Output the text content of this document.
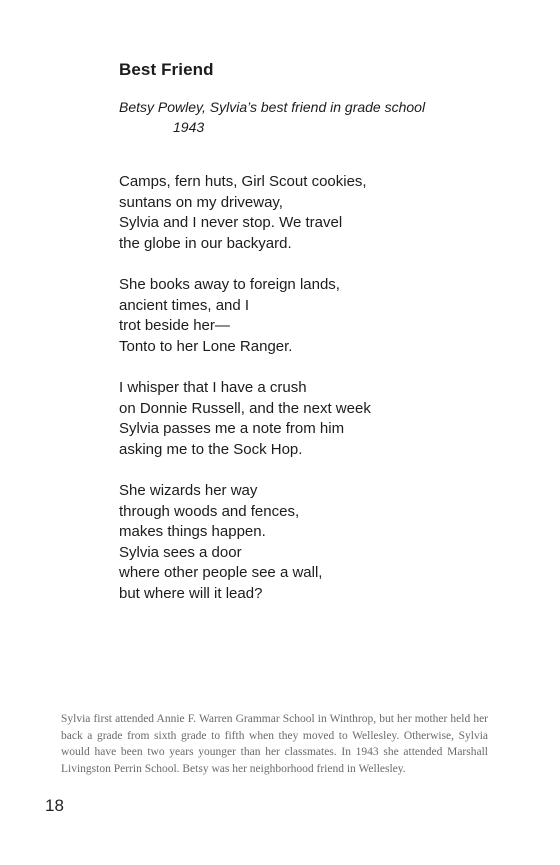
Best Friend

Betsy Powley, Sylvia’s best friend in grade school
1943

Camps, fern huts, Girl Scout cookies,
suntans on my driveway,
Sylvia and I never stop. We travel
the globe in our backyard.
She books away to foreign lands,
ancient times, and I
trot beside her—
Tonto to her Lone Ranger.
I whisper that I have a crush
on Donnie Russell, and the next week
Sylvia passes me a note from him
asking me to the Sock Hop.
She wizards her way
through woods and fences,
makes things happen.
Sylvia sees a door
where other people see a wall,
but where will it lead?

Sylvia first attended Annie F. Warren Grammar School in Winthrop, but her mother held her back a grade from sixth grade to fifth when they moved to Wellesley. Otherwise, Sylvia would have been two years younger than her classmates. In 1943 she attended Marshall Livingston Perrin School. Betsy was her neighborhood friend in Wellesley.

18
